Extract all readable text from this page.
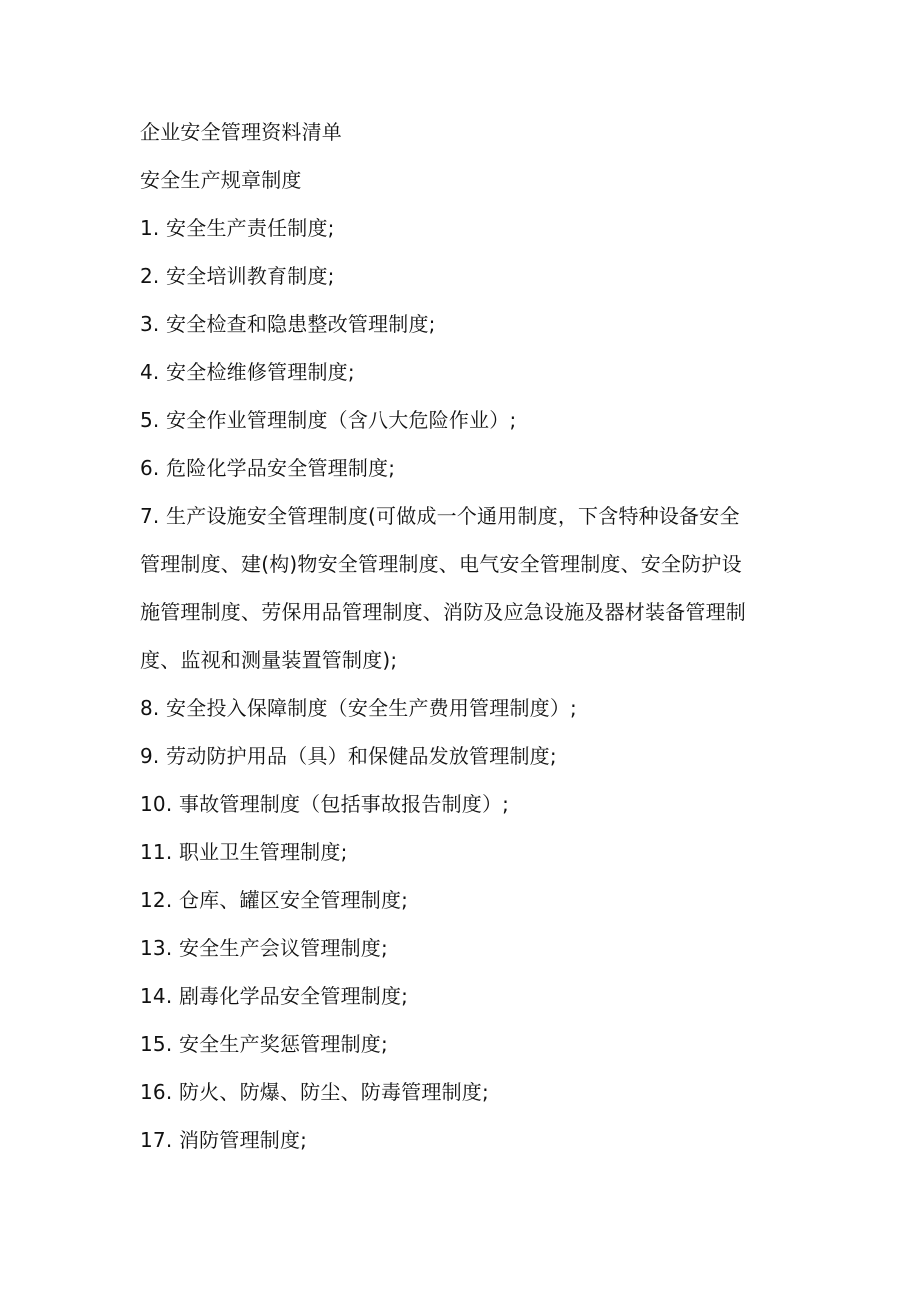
企业安全管理资料清单
安全生产规章制度
1. 安全生产责任制度;
2. 安全培训教育制度;
3. 安全检查和隐患整改管理制度;
4. 安全检维修管理制度;
5. 安全作业管理制度（含八大危险作业）;
6. 危险化学品安全管理制度;
7. 生产设施安全管理制度(可做成一个通用制度，下含特种设备安全
管理制度、建(构)物安全管理制度、电气安全管理制度、安全防护设
施管理制度、劳保用品管理制度、消防及应急设施及器材装备管理制
度、监视和测量装置管制度);
8. 安全投入保障制度（安全生产费用管理制度）;
9. 劳动防护用品（具）和保健品发放管理制度;
10. 事故管理制度（包括事故报告制度）;
11. 职业卫生管理制度;
12. 仓库、罐区安全管理制度;
13. 安全生产会议管理制度;
14. 剧毒化学品安全管理制度;
15. 安全生产奖惩管理制度;
16. 防火、防爆、防尘、防毒管理制度;
17. 消防管理制度;
